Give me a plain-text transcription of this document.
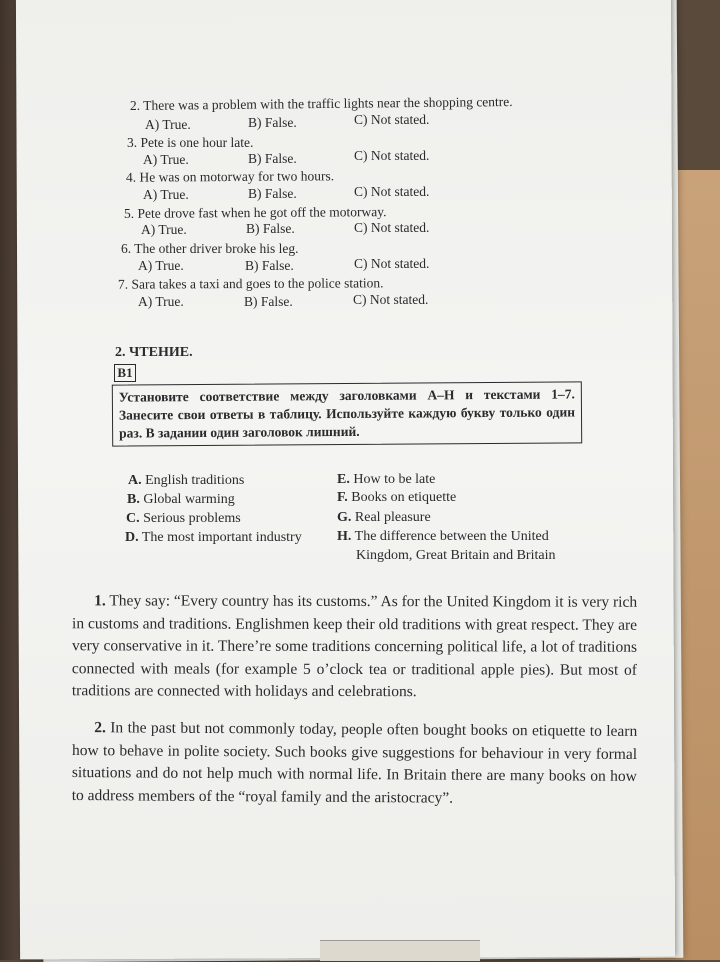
2. There was a problem with the traffic lights near the shopping centre.
A) True.	B) False.	C) Not stated.
3. Pete is one hour late.
A) True.	B) False.	C) Not stated.
4. He was on motorway for two hours.
A) True.	B) False.	C) Not stated.
5. Pete drove fast when he got off the motorway.
A) True.	B) False.	C) Not stated.
6. The other driver broke his leg.
A) True.	B) False.	C) Not stated.
7. Sara takes a taxi and goes to the police station.
A) True.	B) False.	C) Not stated.
2. ЧТЕНИЕ.
B1
Установите соответствие между заголовками A–H и текстами 1–7. Занесите свои ответы в таблицу. Используйте каждую букву только один раз. В задании один заголовок лишний.
A. English traditions
B. Global warming
C. Serious problems
D. The most important industry
E. How to be late
F. Books on etiquette
G. Real pleasure
H. The difference between the United
Kingdom, Great Britain and Britain
1. They say: “Every country has its customs.” As for the United Kingdom it is very rich in customs and traditions. Englishmen keep their old traditions with great respect. They are very conservative in it. There’re some traditions concerning political life, a lot of traditions connected with meals (for example 5 o’clock tea or traditional apple pies). But most of traditions are connected with holidays and celebrations.
2. In the past but not commonly today, people often bought books on etiquette to learn how to behave in polite society. Such books give suggestions for behaviour in very formal situations and do not help much with normal life. In Britain there are many books on how to address members of the “royal family and the aristocracy”.
